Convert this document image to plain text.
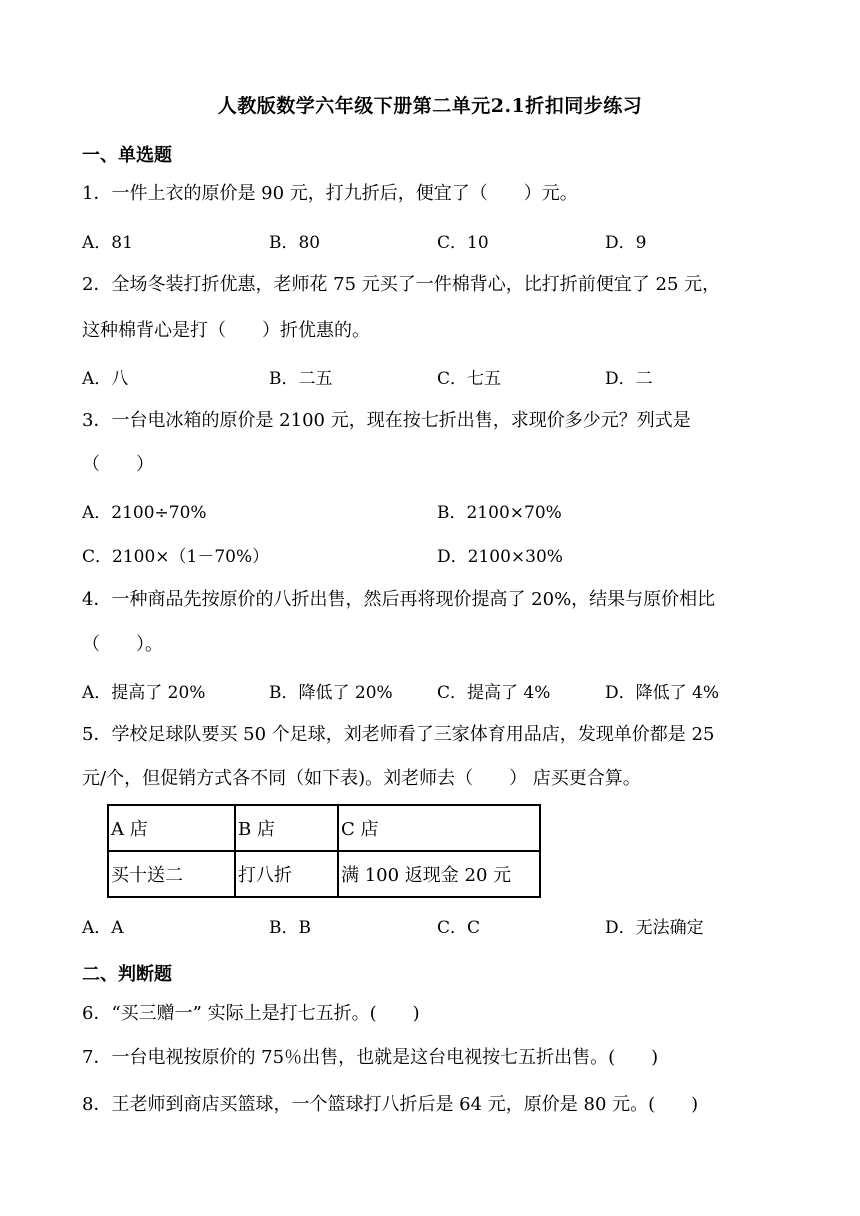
人教版数学六年级下册第二单元2.1折扣同步练习
一、单选题
1．一件上衣的原价是 90 元，打九折后，便宜了（　　）元。
A．81	B．80	C．10	D．9
2．全场冬装打折优惠，老师花 75 元买了一件棉背心，比打折前便宜了 25 元，
这种棉背心是打（　　）折优惠的。
A．八	B．二五	C．七五	D．二
3．一台电冰箱的原价是 2100 元，现在按七折出售，求现价多少元？列式是
（　　）
A．2100÷70%	B．2100×70%
C．2100×（1－70%）	D．2100×30%
4．一种商品先按原价的八折出售，然后再将现价提高了 20%，结果与原价相比
（　　）。
A．提高了 20%	B．降低了 20%	C．提高了 4%	D．降低了 4%
5．学校足球队要买 50 个足球，刘老师看了三家体育用品店，发现单价都是 25
元/个，但促销方式各不同（如下表)。刘老师去（　　） 店买更合算。
A 店	B 店	C 店
买十送二	打八折	满 100 返现金 20 元
A．A	B．B	C．C	D．无法确定
二、判断题
6．“买三赠一” 实际上是打七五折。(　　)
7．一台电视按原价的 75％出售，也就是这台电视按七五折出售。(　　)
8．王老师到商店买篮球，一个篮球打八折后是 64 元，原价是 80 元。(　　)
